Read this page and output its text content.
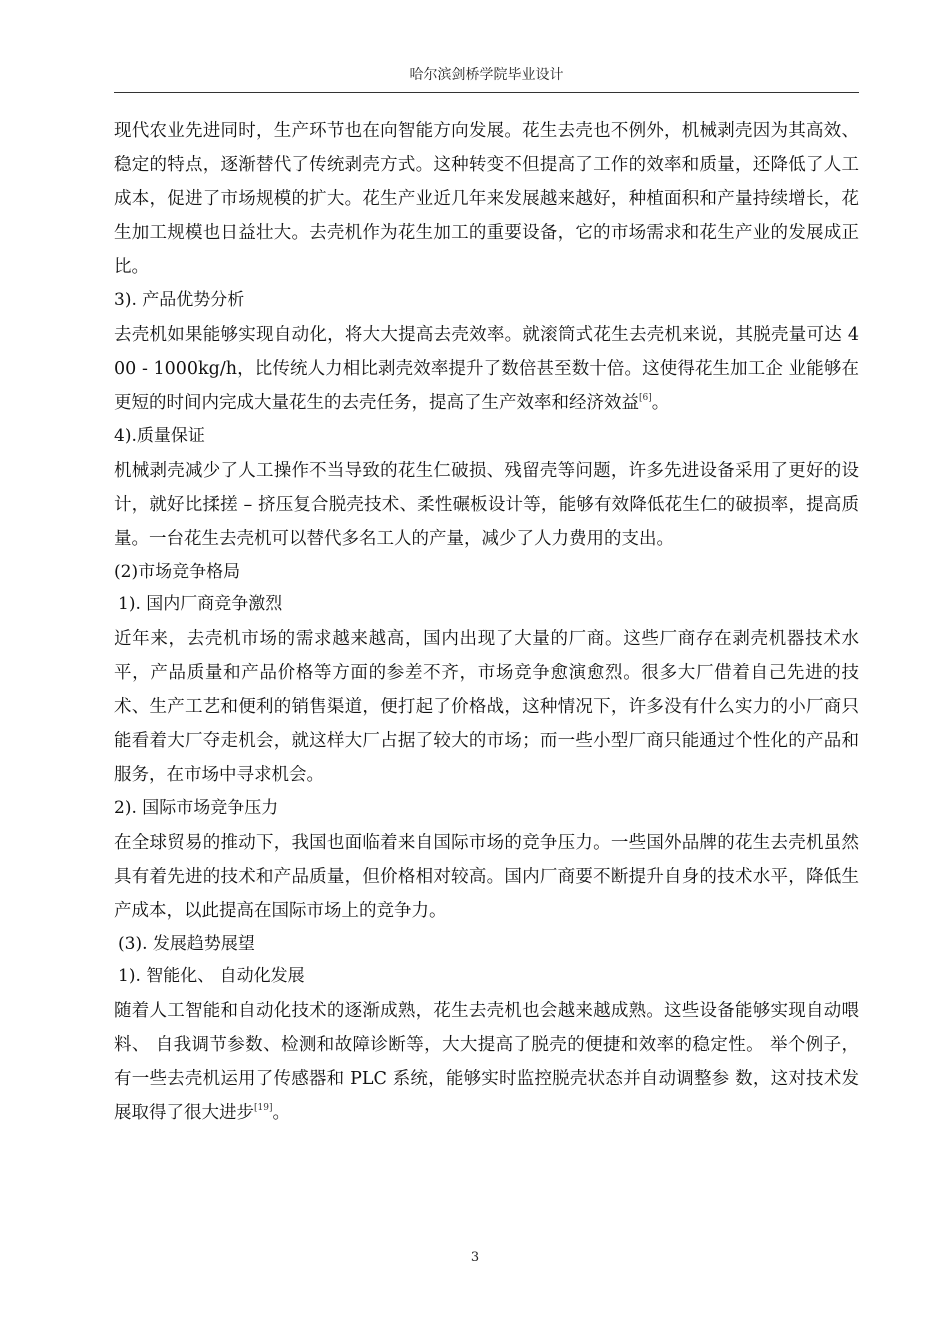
哈尔滨剑桥学院毕业设计

现代农业先进同时，生产环节也在向智能方向发展。花生去壳也不例外，机械剥壳因为其高效、稳定的特点，逐渐替代了传统剥壳方式。这种转变不但提高了工作的效率和质量，还降低了人工成本，促进了市场规模的扩大。花生产业近几年来发展越来越好，种植面积和产量持续增长，花生加工规模也日益壮大。去壳机作为花生加工的重要设备，它的市场需求和花生产业的发展成正比。

3). 产品优势分析

去壳机如果能够实现自动化，将大大提高去壳效率。就滚筒式花生去壳机来说，其脱壳量可达 400 - 1000kg/h，比传统人力相比剥壳效率提升了数倍甚至数十倍。这使得花生加工企 业能够在更短的时间内完成大量花生的去壳任务，提高了生产效率和经济效益[6]。

4).质量保证

机械剥壳减少了人工操作不当导致的花生仁破损、残留壳等问题，许多先进设备采用了更好的设计，就好比揉搓 – 挤压复合脱壳技术、柔性碾板设计等，能够有效降低花生仁的破损率，提高质量。一台花生去壳机可以替代多名工人的产量，减少了人力费用的支出。

(2)市场竞争格局

1). 国内厂商竞争激烈

近年来，去壳机市场的需求越来越高，国内出现了大量的厂商。这些厂商存在剥壳机器技术水平，产品质量和产品价格等方面的参差不齐，市场竞争愈演愈烈。很多大厂借着自己先进的技术、生产工艺和便利的销售渠道，便打起了价格战，这种情况下，许多没有什么实力的小厂商只能看着大厂夺走机会，就这样大厂占据了较大的市场；而一些小型厂商只能通过个性化的产品和服务，在市场中寻求机会。

2). 国际市场竞争压力

在全球贸易的推动下，我国也面临着来自国际市场的竞争压力。一些国外品牌的花生去壳机虽然具有着先进的技术和产品质量，但价格相对较高。国内厂商要不断提升自身的技术水平，降低生产成本，以此提高在国际市场上的竞争力。

(3). 发展趋势展望

1). 智能化、 自动化发展

随着人工智能和自动化技术的逐渐成熟，花生去壳机也会越来越成熟。这些设备能够实现自动喂料、 自我调节参数、检测和故障诊断等，大大提高了脱壳的便捷和效率的稳定性。 举个例子，有一些去壳机运用了传感器和 PLC 系统，能够实时监控脱壳状态并自动调整参 数，这对技术发展取得了很大进步[19]。

3
